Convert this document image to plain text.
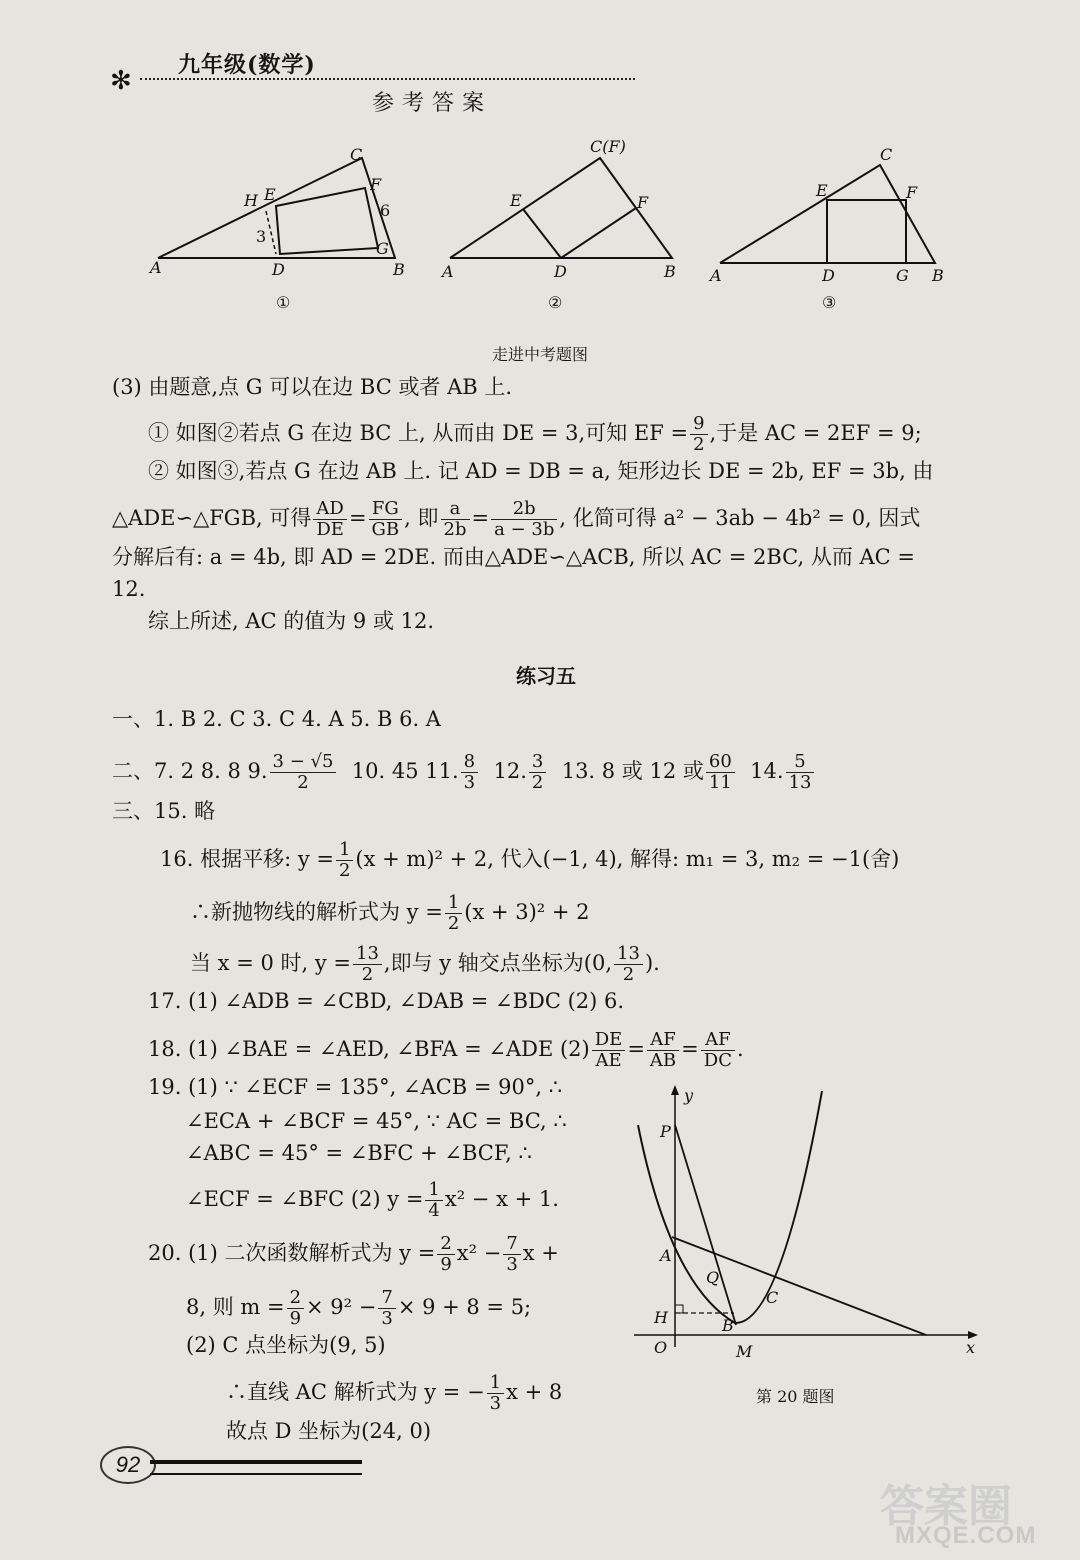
✻
九年级(数学)
参考答案
A	B
C
D
E
F
G
H
3
6
①
A	B
C(F)
D
E	F
②
A	B
C
D
E	F
G
③
走进中考题图
(3) 由题意,点 G 可以在边 BC 或者 AB 上.
① 如图②若点 G 在边 BC 上, 从而由 DE = 3,可知 EF = $\frac{9}{2}$ ,于是 AC = 2EF = 9;
② 如图③,若点 G 在边 AB 上. 记 AD = DB = a, 矩形边长 DE = 2b, EF = 3b, 由
△ADE∽△FGB, 可得 $\frac{AD}{DE} = \frac{FG}{GB}$ , 即 $\frac{a}{2b} = \frac{2b}{a - 3b}$ , 化简可得 a² − 3ab − 4b² = 0, 因式
分解后有: a = 4b, 即 AD = 2DE. 而由△ADE∽△ACB, 所以 AC = 2BC, 从而 AC =
12.
综上所述, AC 的值为 9 或 12.
练习五
一、1. B 2. C 3. C 4. A 5. B 6. A
二、7. 2 8. 8 9. $\frac{3 - √5}{2} 10$. 45 11. $\frac{8}{3} 12$. $\frac{3}{2} 13$. 8 或 12 或 $\frac{60}{11} 14$. $\frac{5}{13}$
三、15. 略
16. 根据平移: $y = \frac{1}{2} (x + m)^2 + 2$, 代入(−1, 4), 解得: m₁ = 3, m₂ = −1(舍)
∴新抛物线的解析式为 $y = \frac{1}{2} (x + 3)^2 + 2$
当 x = 0 时, $y = \frac{13}{2}$ ,即与 y 轴交点坐标为(0, $\frac{13}{2}$ ).
17. (1) ∠ADB = ∠CBD, ∠DAB = ∠BDC (2) 6.
18. (1) ∠BAE = ∠AED, ∠BFA = ∠ADE $(2) \frac{DE}{AE} = \frac{AF}{AB} = \frac{AF}{DC}$ .
19. (1) ∵ ∠ECF = 135°, ∠ACB = 90°, ∴
∠ECA + ∠BCF = 45°, ∵ AC = BC, ∴
∠ABC = 45° = ∠BFC + ∠BCF, ∴
∠ECF = ∠BFC (2) $y = \frac{1}{4} x^2 - x + 1$.
20. (1) 二次函数解析式为 $y = \frac{2}{9} x^2 - \frac{7}{3}$ x +
8, 则 $m = \frac{2}{9} \times 9^2 - \frac{7}{3} \times 9 + 8 = 5$;
(2) C 点坐标为(9, 5)
∴直线 AC 解析式为 y = − $\frac{1}{3}$ x + 8
故点 D 坐标为(24, 0)
y
x
P
A
Q
C
H	B
O	M
第 20 题图
92
答案圈
MXQE.COM
